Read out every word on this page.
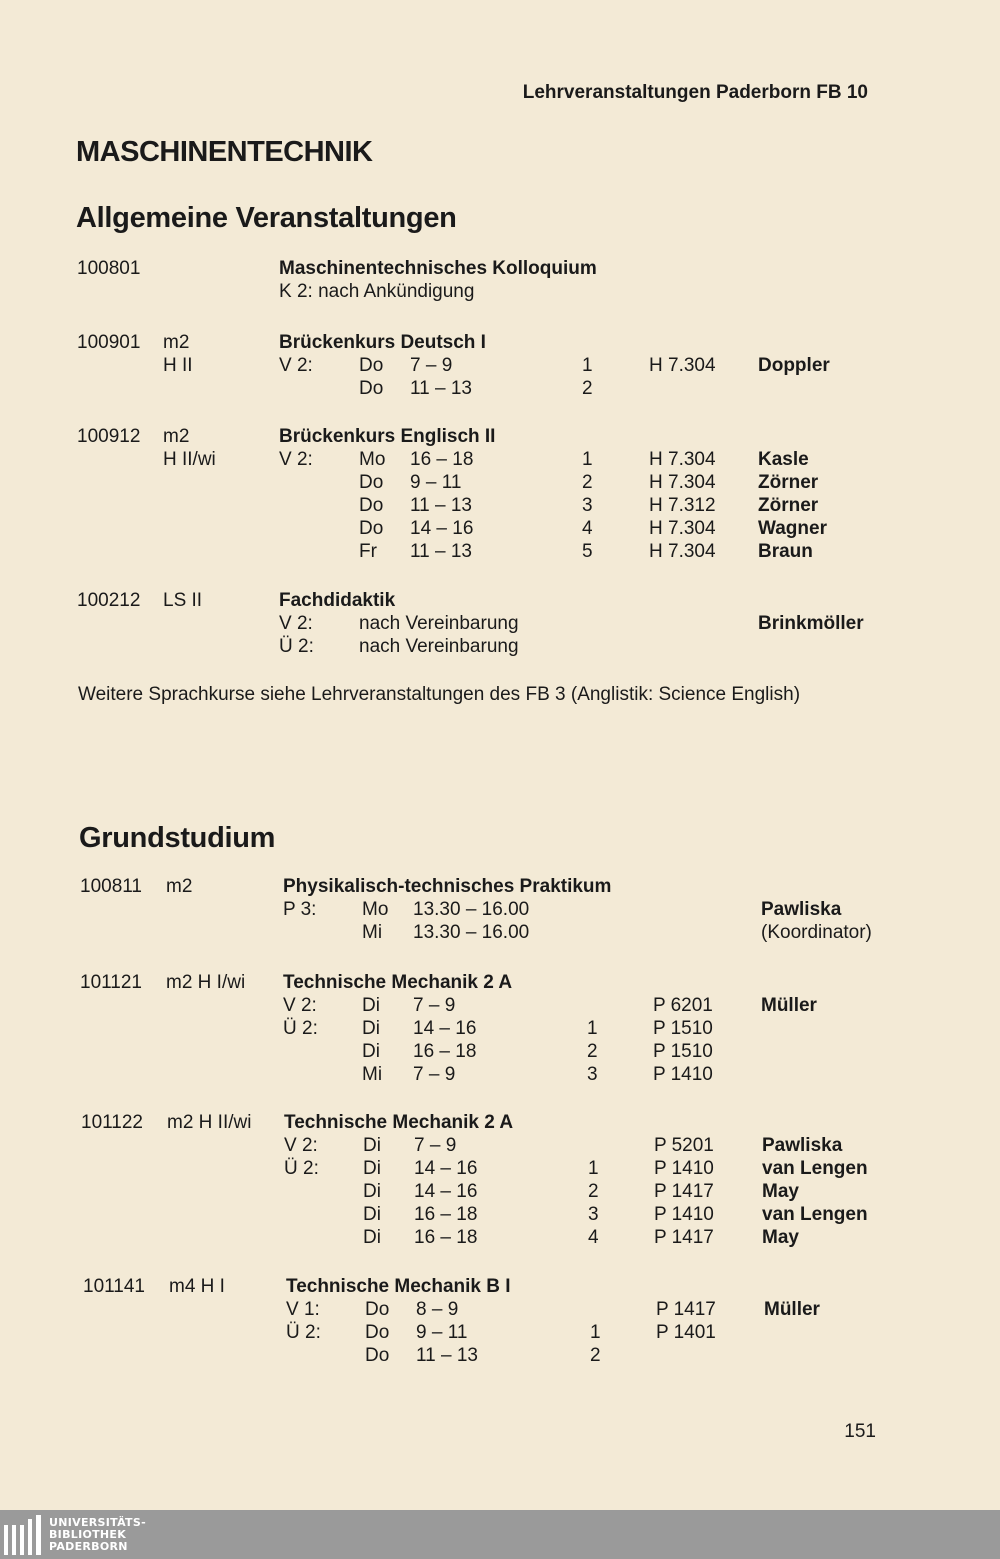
Lehrveranstaltungen Paderborn FB 10
MASCHINENTECHNIK
Allgemeine Veranstaltungen
Weitere Sprachkurse siehe Lehrveranstaltungen des FB 3 (Anglistik: Science English)
Grundstudium
151
UNIVERSITÄTS-
BIBLIOTHEK
PADERBORN
100801	Maschinentechnisches Kolloquium
K 2: nach Ankündigung
100901 m2	Brückenkurs Deutsch I
H II	V 2: Do 7 – 9	1	H 7.304 Doppler
Do 11 – 13	2
100912 m2	Brückenkurs Englisch II
H II/wi	V 2: Mo 16 – 18	1	H 7.304 Kasle
Do 9 – 11	2	H 7.304 Zörner
Do 11 – 13	3	H 7.312 Zörner
Do 14 – 16	4	H 7.304 Wagner
Fr 11 – 13	5	H 7.304 Braun
100212 LS II	Fachdidaktik
V 2: nach Vereinbarung	Brinkmöller
Ü 2: nach Vereinbarung
100811 m2	Physikalisch-technisches Praktikum
P 3: Mo 13.30 – 16.00	Pawliska
Mi 13.30 – 16.00	(Koordinator)
101121 m2 H I/wi Technische Mechanik 2 A
V 2: Di 7 – 9	P 6201	Müller
Ü 2: Di 14 – 16	1	P 1510
Di 16 – 18	2	P 1510
Mi 7 – 9	3	P 1410
101122 m2 H II/wi Technische Mechanik 2 A
V 2: Di 7 – 9	P 5201	Pawliska
Ü 2: Di 14 – 16	1	P 1410	van Lengen
Di 14 – 16	2	P 1417	May
Di 16 – 18	3	P 1410	van Lengen
Di 16 – 18	4	P 1417	May
101141 m4 H I	Technische Mechanik B I
V 1: Do 8 – 9	P 1417	Müller
Ü 2: Do 9 – 11	1	P 1401
Do 11 – 13	2
